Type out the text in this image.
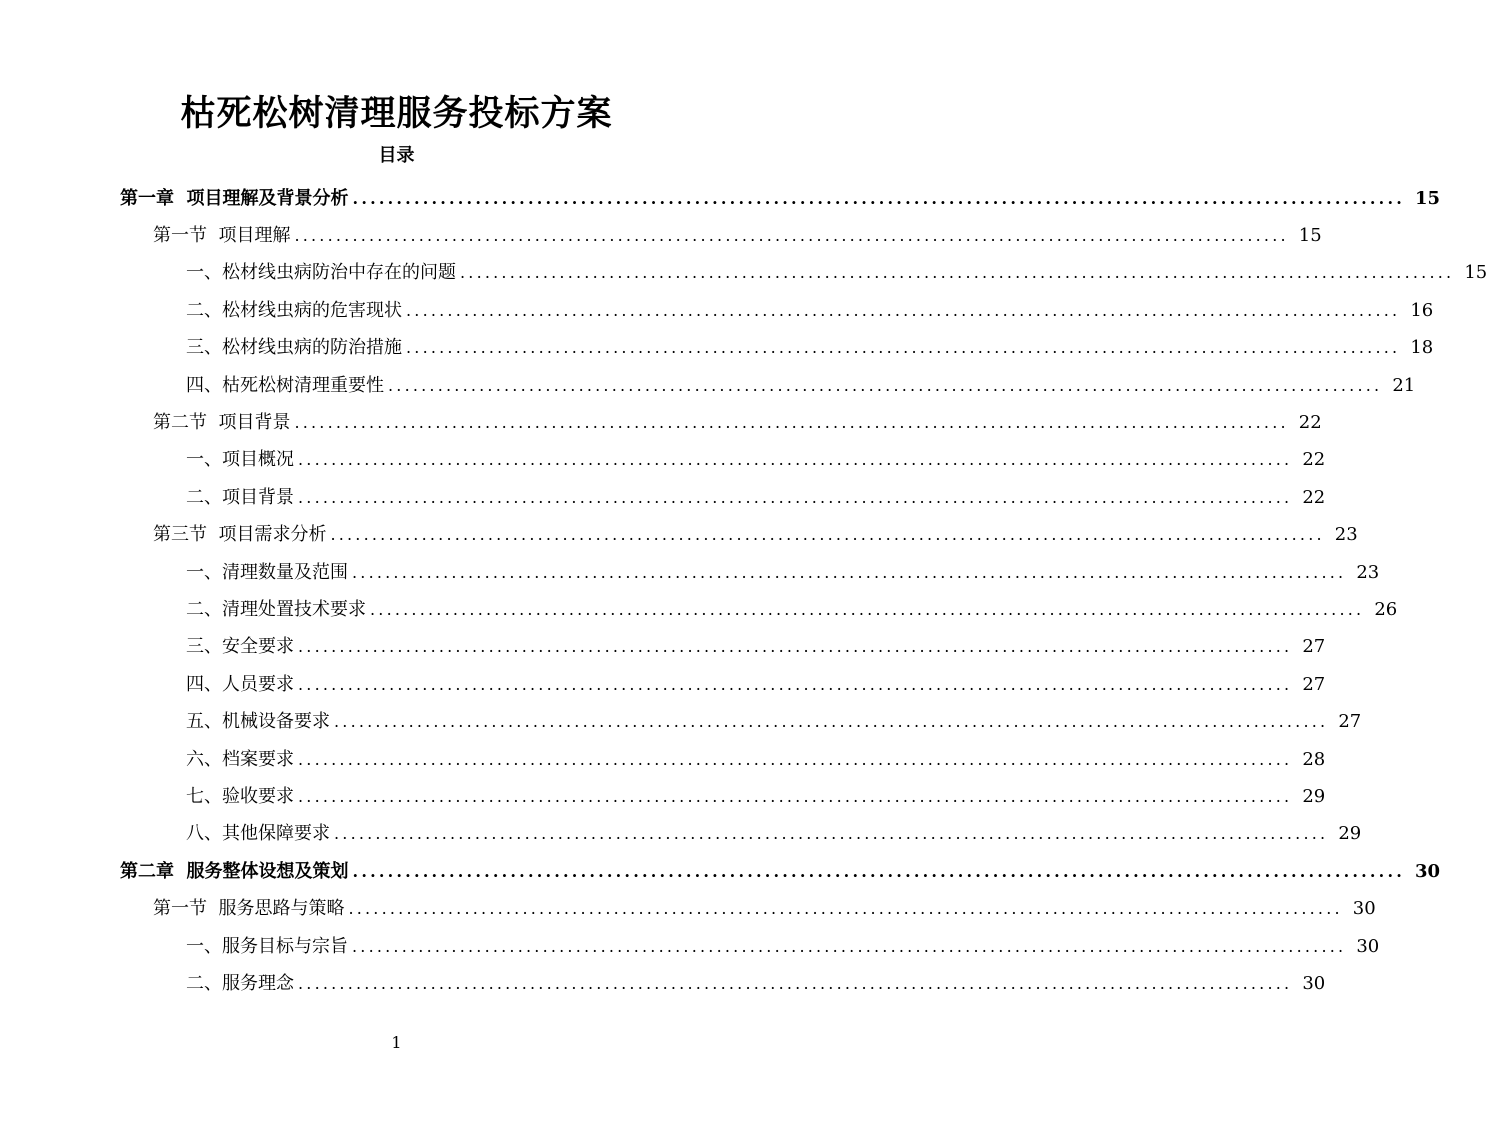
枯死松树清理服务投标方案
目录
第一章  项目理解及背景分析 ........................................................................................................................ 15
第一节  项目理解 ........................................................................................................................ 15
一、松材线虫病防治中存在的问题 ........................................................................................................................ 15
二、松材线虫病的危害现状 ........................................................................................................................ 16
三、松材线虫病的防治措施 ........................................................................................................................ 18
四、枯死松树清理重要性 ........................................................................................................................ 21
第二节  项目背景 ........................................................................................................................ 22
一、项目概况 ........................................................................................................................ 22
二、项目背景 ........................................................................................................................ 22
第三节  项目需求分析 ........................................................................................................................ 23
一、清理数量及范围 ........................................................................................................................ 23
二、清理处置技术要求 ........................................................................................................................ 26
三、安全要求 ........................................................................................................................ 27
四、人员要求 ........................................................................................................................ 27
五、机械设备要求 ........................................................................................................................ 27
六、档案要求 ........................................................................................................................ 28
七、验收要求 ........................................................................................................................ 29
八、其他保障要求 ........................................................................................................................ 29
第二章  服务整体设想及策划 ........................................................................................................................ 30
第一节  服务思路与策略 ........................................................................................................................ 30
一、服务目标与宗旨 ........................................................................................................................ 30
二、服务理念 ........................................................................................................................ 30
1
